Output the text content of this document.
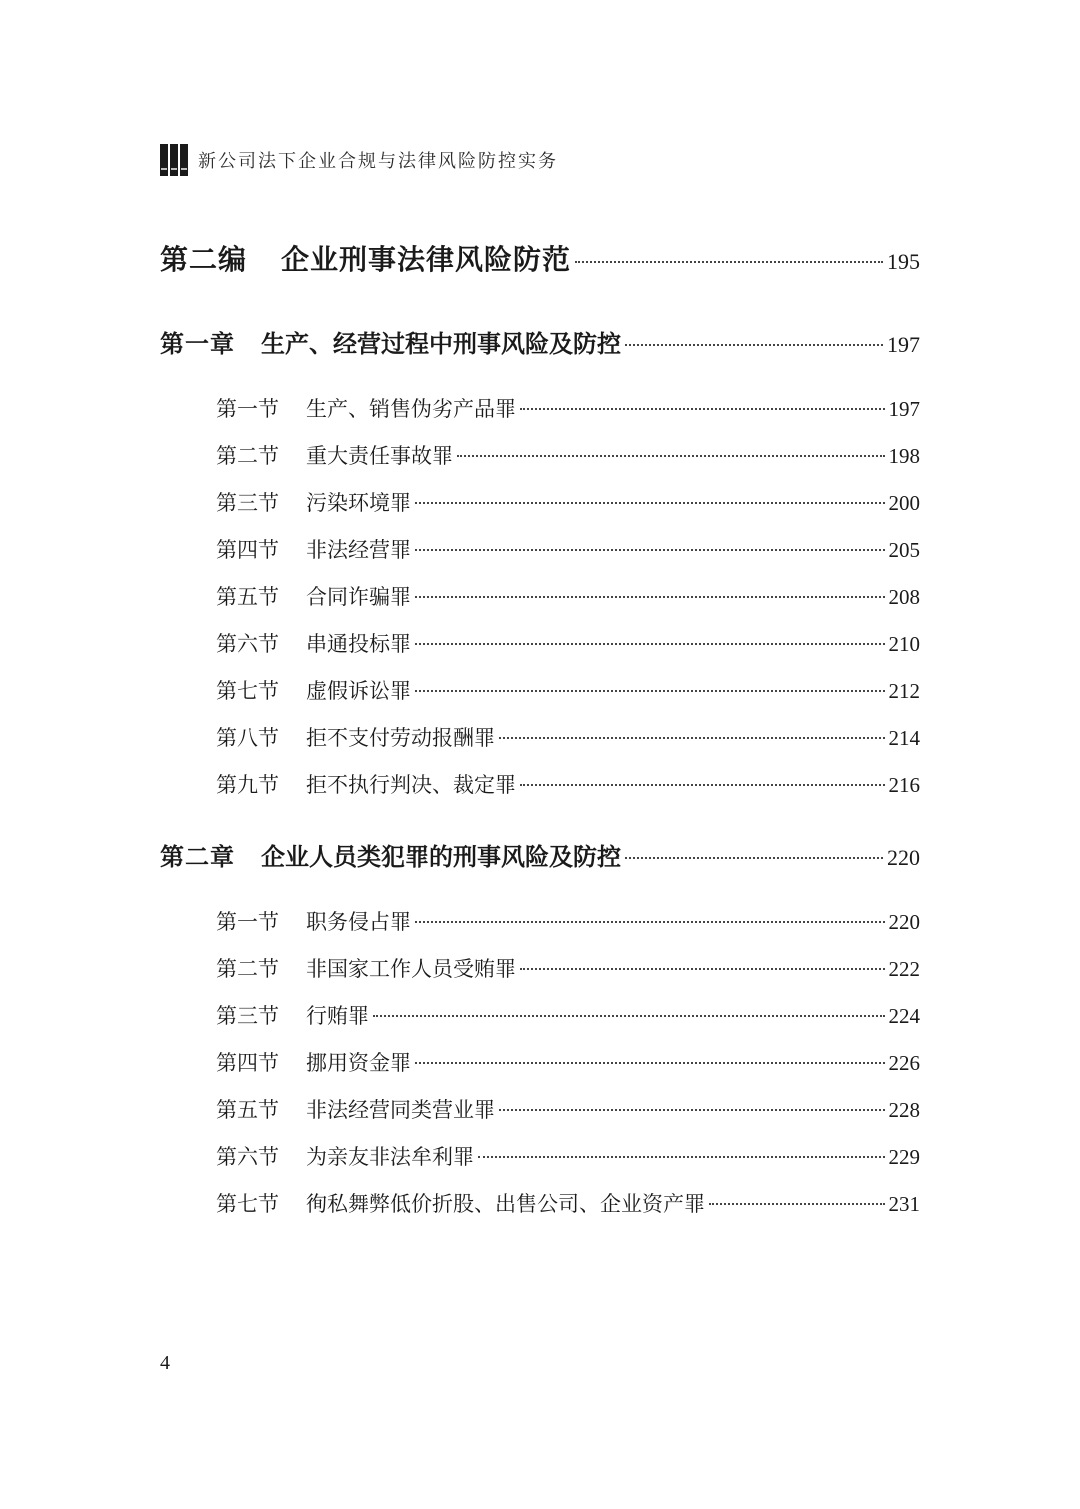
新公司法下企业合规与法律风险防控实务
第二编 企业刑事法律风险防范	195
第一章 生产、经营过程中刑事风险及防控	197
第一节	生产、销售伪劣产品罪	197
第二节	重大责任事故罪	198
第三节	污染环境罪	200
第四节	非法经营罪	205
第五节	合同诈骗罪	208
第六节	串通投标罪	210
第七节	虚假诉讼罪	212
第八节	拒不支付劳动报酬罪	214
第九节	拒不执行判决、裁定罪	216
第二章 企业人员类犯罪的刑事风险及防控	220
第一节	职务侵占罪	220
第二节	非国家工作人员受贿罪	222
第三节	行贿罪	224
第四节	挪用资金罪	226
第五节	非法经营同类营业罪	228
第六节	为亲友非法牟利罪	229
第七节	徇私舞弊低价折股、出售公司、企业资产罪	231
4
